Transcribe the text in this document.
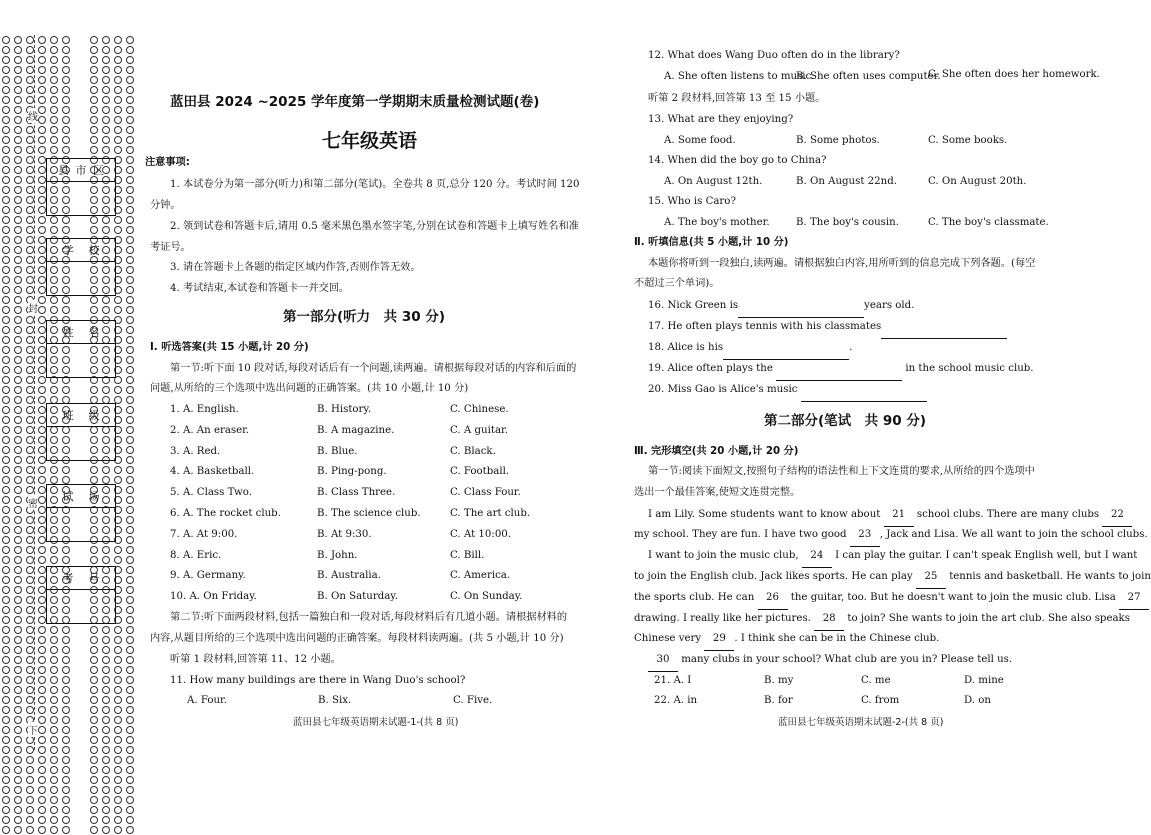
线
封
密
下
县 市 区
学 校
姓 名
班 级
试 场
考 号
蓝田县 2024 ~2025 学年度第一学期期末质量检测试题(卷)
七年级英语
注意事项:
1. 本试卷分为第一部分(听力)和第二部分(笔试)。全卷共 8 页,总分 120 分。考试时间 120
分钟。
2. 领到试卷和答题卡后,请用 0.5 毫米黑色墨水签字笔,分别在试卷和答题卡上填写姓名和准
考证号。
3. 请在答题卡上各题的指定区域内作答,否则作答无效。
4. 考试结束,本试卷和答题卡一并交回。
第一部分(听力　共 30 分)
Ⅰ. 听选答案(共 15 小题,计 20 分)
第一节:听下面 10 段对话,每段对话后有一个问题,读两遍。请根据每段对话的内容和后面的
问题,从所给的三个选项中选出问题的正确答案。(共 10 小题,计 10 分)
1. A. English.	B. History.	C. Chinese.
2. A. An eraser.	B. A magazine.	C. A guitar.
3. A. Red.	B. Blue.	C. Black.
4. A. Basketball.	B. Ping-pong.	C. Football.
5. A. Class Two.	B. Class Three.	C. Class Four.
6. A. The rocket club.	B. The science club.	C. The art club.
7. A. At 9:00.	B. At 9:30.	C. At 10:00.
8. A. Eric.	B. John.	C. Bill.
9. A. Germany.	B. Australia.	C. America.
10. A. On Friday.	B. On Saturday.	C. On Sunday.
第二节:听下面两段材料,包括一篇独白和一段对话,每段材料后有几道小题。请根据材料的
内容,从题目所给的三个选项中选出问题的正确答案。每段材料读两遍。(共 5 小题,计 10 分)
听第 1 段材料,回答第 11、12 小题。
11. How many buildings are there in Wang Duo's school?
A. Four.	B. Six.	C. Five.
蓝田县七年级英语期末试题-1-(共 8 页)
12. What does Wang Duo often do in the library?
A. She often listens to music.
B. She often uses computer.
C. She often does her homework.
听第 2 段材料,回答第 13 至 15 小题。
13. What are they enjoying?
A. Some food.	B. Some photos.	C. Some books.
14. When did the boy go to China?
A. On August 12th.	B. On August 22nd.	C. On August 20th.
15. Who is Caro?
A. The boy's mother.	B. The boy's cousin.	C. The boy's classmate.
Ⅱ. 听填信息(共 5 小题,计 10 分)
本题你将听到一段独白,读两遍。请根据独白内容,用所听到的信息完成下列各题。(每空
不超过三个单词)。
16. Nick Green is	years old.
17. He often plays tennis with his classmates
18. Alice is his	.
19. Alice often plays the	in the school music club.
20. Miss Gao is Alice's music
第二部分(笔试　共 90 分)
Ⅲ. 完形填空(共 20 小题,计 20 分)
第一节:阅读下面短文,按照句子结构的语法性和上下文连贯的要求,从所给的四个选项中
选出一个最佳答案,使短文连贯完整。
I am Lily. Some students want to know about 21 school clubs. There are many clubs 22
my school. They are fun. I have two good 23 , Jack and Lisa. We all want to join the school clubs.
I want to join the music club, 24 I can play the guitar. I can't speak English well, but I want
to join the English club. Jack likes sports. He can play 25 tennis and basketball. He wants to join
the sports club. He can 26 the guitar, too. But he doesn't want to join the music club. Lisa 27
drawing. I really like her pictures. 28 to join? She wants to join the art club. She also speaks
Chinese very 29 . I think she can be in the Chinese club.
30 many clubs in your school? What club are you in? Please tell us.
21. A. I	B. my	C. me	D. mine
22. A. in	B. for	C. from	D. on
蓝田县七年级英语期末试题-2-(共 8 页)
